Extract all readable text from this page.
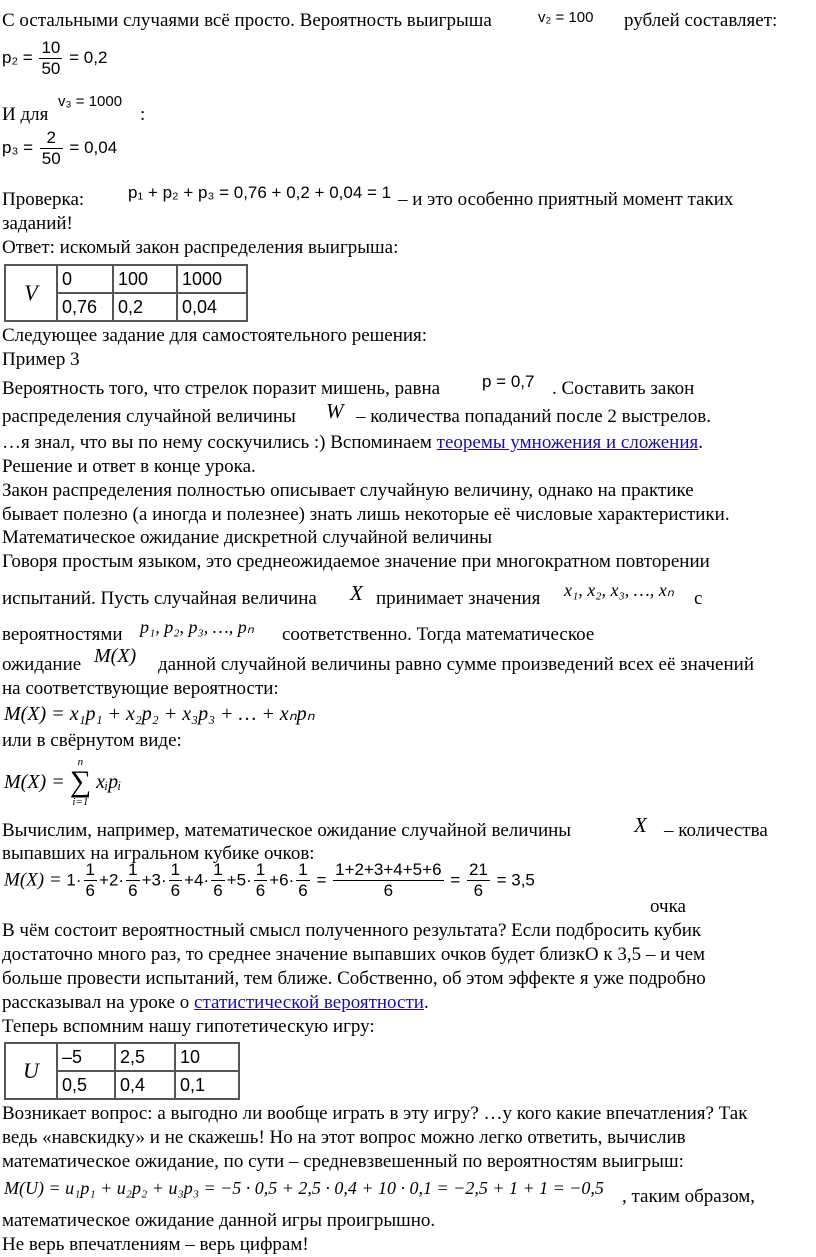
С остальными случаями всё просто. Вероятность выигрыша	v₂ = 100 рублей составляет:
$p_2 = \frac{10}{50} = 0,2$
И для
v₃ = 1000
:
$p_3 = \frac{2}{50} = 0,04$
Проверка:	p₁ + p₂ + p₃ = 0,76 + 0,2 + 0,04 = 1 – и это особенно приятный момент таких
заданий!
Ответ: искомый закон распределения выигрыша:
V	0	100	1000
	0,76	0,2	0,04
Следующее задание для самостоятельного решения:
Пример 3
Вероятность того, что стрелок поразит мишень, равна p = 0,7 . Составить закон
распределения случайной величины W – количества попаданий после 2 выстрелов.
…я знал, что вы по нему соскучились :) Вспоминаем теоремы умножения и сложения.
Решение и ответ в конце урока.
Закон распределения полностью описывает случайную величину, однако на практике
бывает полезно (а иногда и полезнее) знать лишь некоторые её числовые характеристики.
Математическое ожидание дискретной случайной величины
Говоря простым языком, это среднеожидаемое значение при многократном повторении
испытаний. Пусть случайная величина X принимает значения x₁, x₂, x₃, …, xₙ с
вероятностями p₁, p₂, p₃, …, pₙ соответственно. Тогда математическое
ожидание M(X) данной случайной величины равно сумме произведений всех её значений
на соответствующие вероятности:
M(X) = x₁p₁ + x₂p₂ + x₃p₃ + … + xₙpₙ
или в свёрнутом виде:
M(X) =
n
∑
i=1
xᵢpᵢ
Вычислим, например, математическое ожидание случайной величины	X – количества
выпавших на игральном кубике очков:
$M(X) = 1\cdot \frac{1}{6} +2\cdot \frac{1}{6} +3\cdot \frac{1}{6} +4\cdot \frac{1}{6} +5\cdot \frac{1}{6} +6\cdot \frac{1}{6} = \frac{1+2+3+4+5+6}{6} = \frac{21}{6} = 3,5$
очка
В чём состоит вероятностный смысл полученного результата? Если подбросить кубик
достаточно много раз, то среднее значение выпавших очков будет близкО к 3,5 – и чем
больше провести испытаний, тем ближе. Собственно, об этом эффекте я уже подробно
рассказывал на уроке о статистической вероятности.
Теперь вспомним нашу гипотетическую игру:
U	–5	2,5	10
	0,5	0,4	0,1
Возникает вопрос: а выгодно ли вообще играть в эту игру? …у кого какие впечатления? Так
ведь «навскидку» и не скажешь! Но на этот вопрос можно легко ответить, вычислив
математическое ожидание, по сути – средневзвешенный по вероятностям выигрыш:
M(U) = u₁p₁ + u₂p₂ + u₃p₃ = −5 · 0,5 + 2,5 · 0,4 + 10 · 0,1 = −2,5 + 1 + 1 = −0,5 , таким образом,
математическое ожидание данной игры проигрышно.
Не верь впечатлениям – верь цифрам!
